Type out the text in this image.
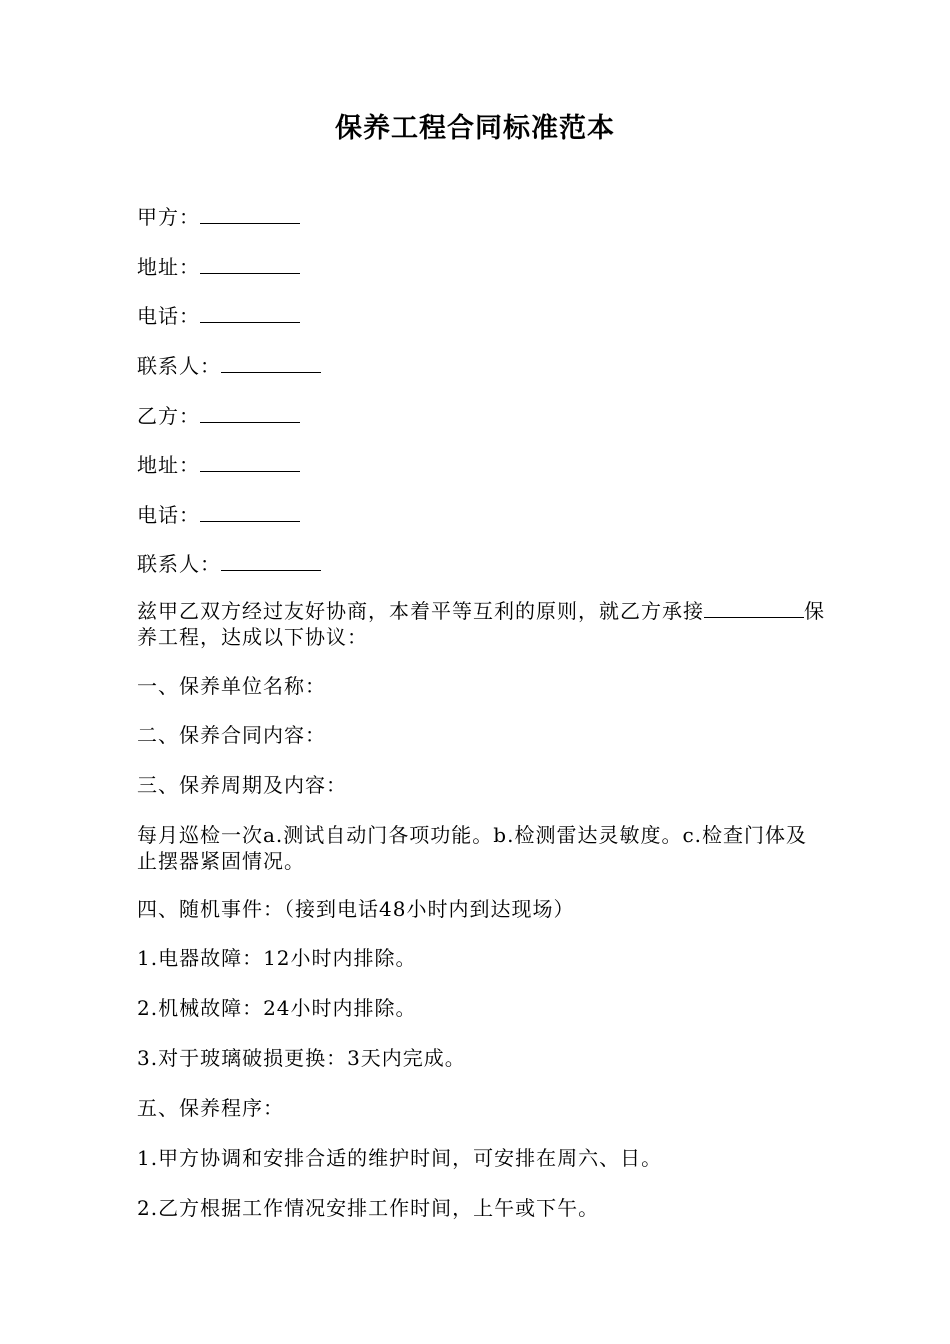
保养工程合同标准范本
甲方：
地址：
电话：
联系人：
乙方：
地址：
电话：
联系人：
兹甲乙双方经过友好协商，本着平等互利的原则，就乙方承接	保养工程，达成以下协议：
一、保养单位名称：
二、保养合同内容：
三、保养周期及内容：
每月巡检一次a.测试自动门各项功能。b.检测雷达灵敏度。c.检查门体及止摆器紧固情况。
四、随机事件：（接到电话48小时内到达现场）
1.电器故障：12小时内排除。
2.机械故障：24小时内排除。
3.对于玻璃破损更换：3天内完成。
五、保养程序：
1.甲方协调和安排合适的维护时间，可安排在周六、日。
2.乙方根据工作情况安排工作时间，上午或下午。
